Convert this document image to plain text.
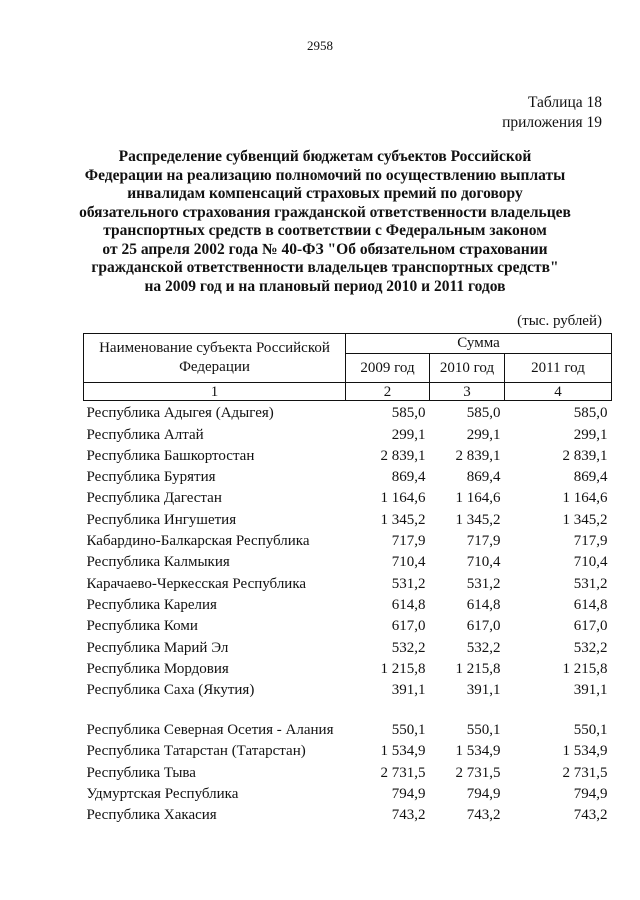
2958
Таблица 18
приложения 19
Распределение субвенций бюджетам субъектов Российской
Федерации на реализацию полномочий по осуществлению выплаты
инвалидам компенсаций страховых премий по договору
обязательного страхования гражданской ответственности владельцев
транспортных средств в соответствии с Федеральным законом
от 25 апреля 2002 года № 40-ФЗ "Об обязательном страховании
гражданской ответственности владельцев транспортных средств"
на 2009 год и на плановый период 2010 и 2011 годов
(тыс. рублей)
Наименование субъекта Российской Федерации	Сумма		
	2009 год	2010 год	2011 год
1	2	3	4
Республика Адыгея (Адыгея)	585,0	585,0	585,0
Республика Алтай	299,1	299,1	299,1
Республика Башкортостан	2 839,1	2 839,1	2 839,1
Республика Бурятия	869,4	869,4	869,4
Республика Дагестан	1 164,6	1 164,6	1 164,6
Республика Ингушетия	1 345,2	1 345,2	1 345,2
Кабардино-Балкарская Республика	717,9	717,9	717,9
Республика Калмыкия	710,4	710,4	710,4
Карачаево-Черкесская Республика	531,2	531,2	531,2
Республика Карелия	614,8	614,8	614,8
Республика Коми	617,0	617,0	617,0
Республика Марий Эл	532,2	532,2	532,2
Республика Мордовия	1 215,8	1 215,8	1 215,8
Республика Саха (Якутия)	391,1	391,1	391,1
Республика Северная Осетия - Алания	550,1	550,1	550,1
Республика Татарстан (Татарстан)	1 534,9	1 534,9	1 534,9
Республика Тыва	2 731,5	2 731,5	2 731,5
Удмуртская Республика	794,9	794,9	794,9
Республика Хакасия	743,2	743,2	743,2
